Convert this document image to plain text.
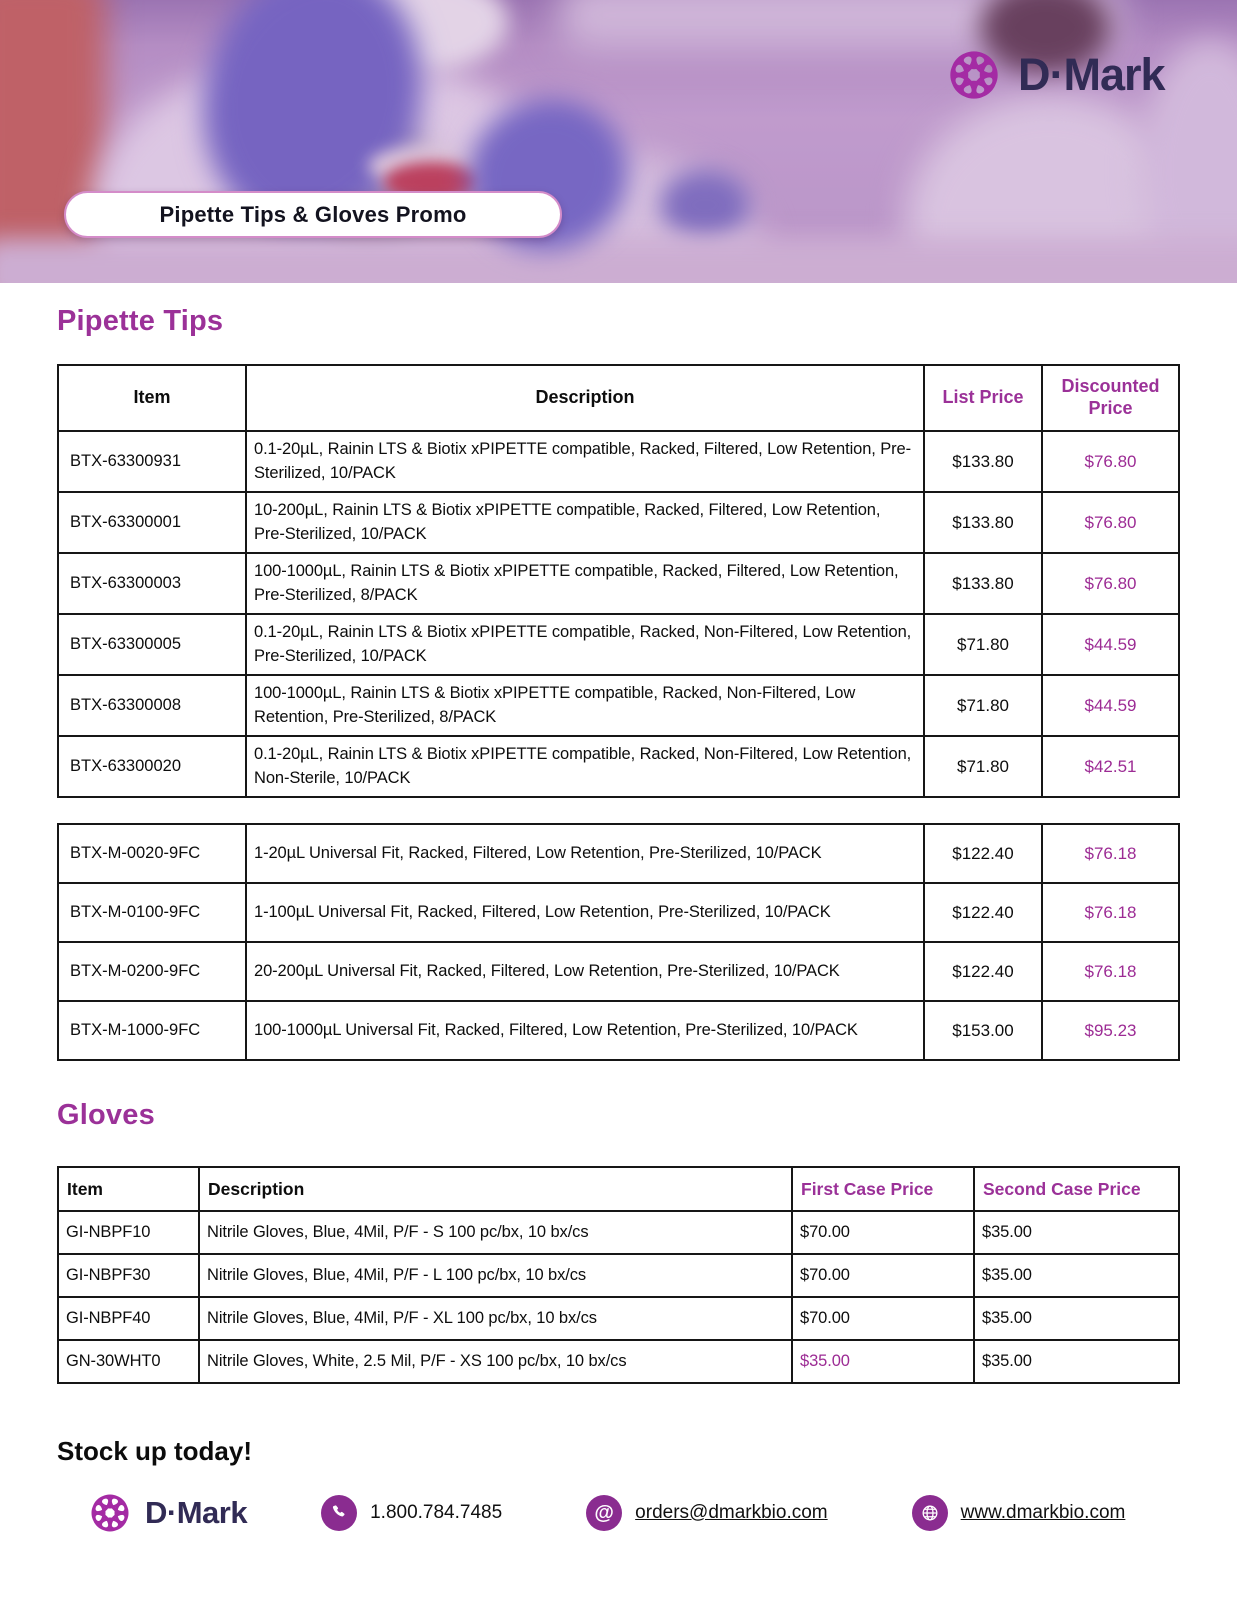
D·Mark
Pipette Tips & Gloves Promo
Pipette Tips
Item	Description	List Price	Discounted Price
BTX-63300931	0.1-20µL, Rainin LTS & Biotix xPIPETTE compatible, Racked, Filtered, Low Retention, Pre-Sterilized, 10/PACK	$133.80	$76.80
BTX-63300001	10-200µL, Rainin LTS & Biotix xPIPETTE compatible, Racked, Filtered, Low Retention, Pre-Sterilized, 10/PACK	$133.80	$76.80
BTX-63300003	100-1000µL, Rainin LTS & Biotix xPIPETTE compatible, Racked, Filtered, Low Retention, Pre-Sterilized, 8/PACK	$133.80	$76.80
BTX-63300005	0.1-20µL, Rainin LTS & Biotix xPIPETTE compatible, Racked, Non-Filtered, Low Retention, Pre-Sterilized, 10/PACK	$71.80	$44.59
BTX-63300008	100-1000µL, Rainin LTS & Biotix xPIPETTE compatible, Racked, Non-Filtered, Low Retention, Pre-Sterilized, 8/PACK	$71.80	$44.59
BTX-63300020	0.1-20µL, Rainin LTS & Biotix xPIPETTE compatible, Racked, Non-Filtered, Low Retention, Non-Sterile, 10/PACK	$71.80	$42.51
BTX-M-0020-9FC	1-20µL Universal Fit, Racked, Filtered, Low Retention, Pre-Sterilized, 10/PACK	$122.40	$76.18
BTX-M-0100-9FC	1-100µL Universal Fit, Racked, Filtered, Low Retention, Pre-Sterilized, 10/PACK	$122.40	$76.18
BTX-M-0200-9FC	20-200µL Universal Fit, Racked, Filtered, Low Retention, Pre-Sterilized, 10/PACK	$122.40	$76.18
BTX-M-1000-9FC	100-1000µL Universal Fit, Racked, Filtered, Low Retention, Pre-Sterilized, 10/PACK	$153.00	$95.23
Gloves
Item	Description	First Case Price	Second Case Price
GI-NBPF10	Nitrile Gloves, Blue, 4Mil, P/F - S 100 pc/bx, 10 bx/cs	$70.00	$35.00
GI-NBPF30	Nitrile Gloves, Blue, 4Mil, P/F - L 100 pc/bx, 10 bx/cs	$70.00	$35.00
GI-NBPF40	Nitrile Gloves, Blue, 4Mil, P/F - XL 100 pc/bx, 10 bx/cs	$70.00	$35.00
GN-30WHT0	Nitrile Gloves, White, 2.5 Mil, P/F - XS 100 pc/bx, 10 bx/cs	$35.00	$35.00

Stock up today!

D·Mark	1.800.784.7485	@ orders@dmarkbio.com	www.dmarkbio.com
